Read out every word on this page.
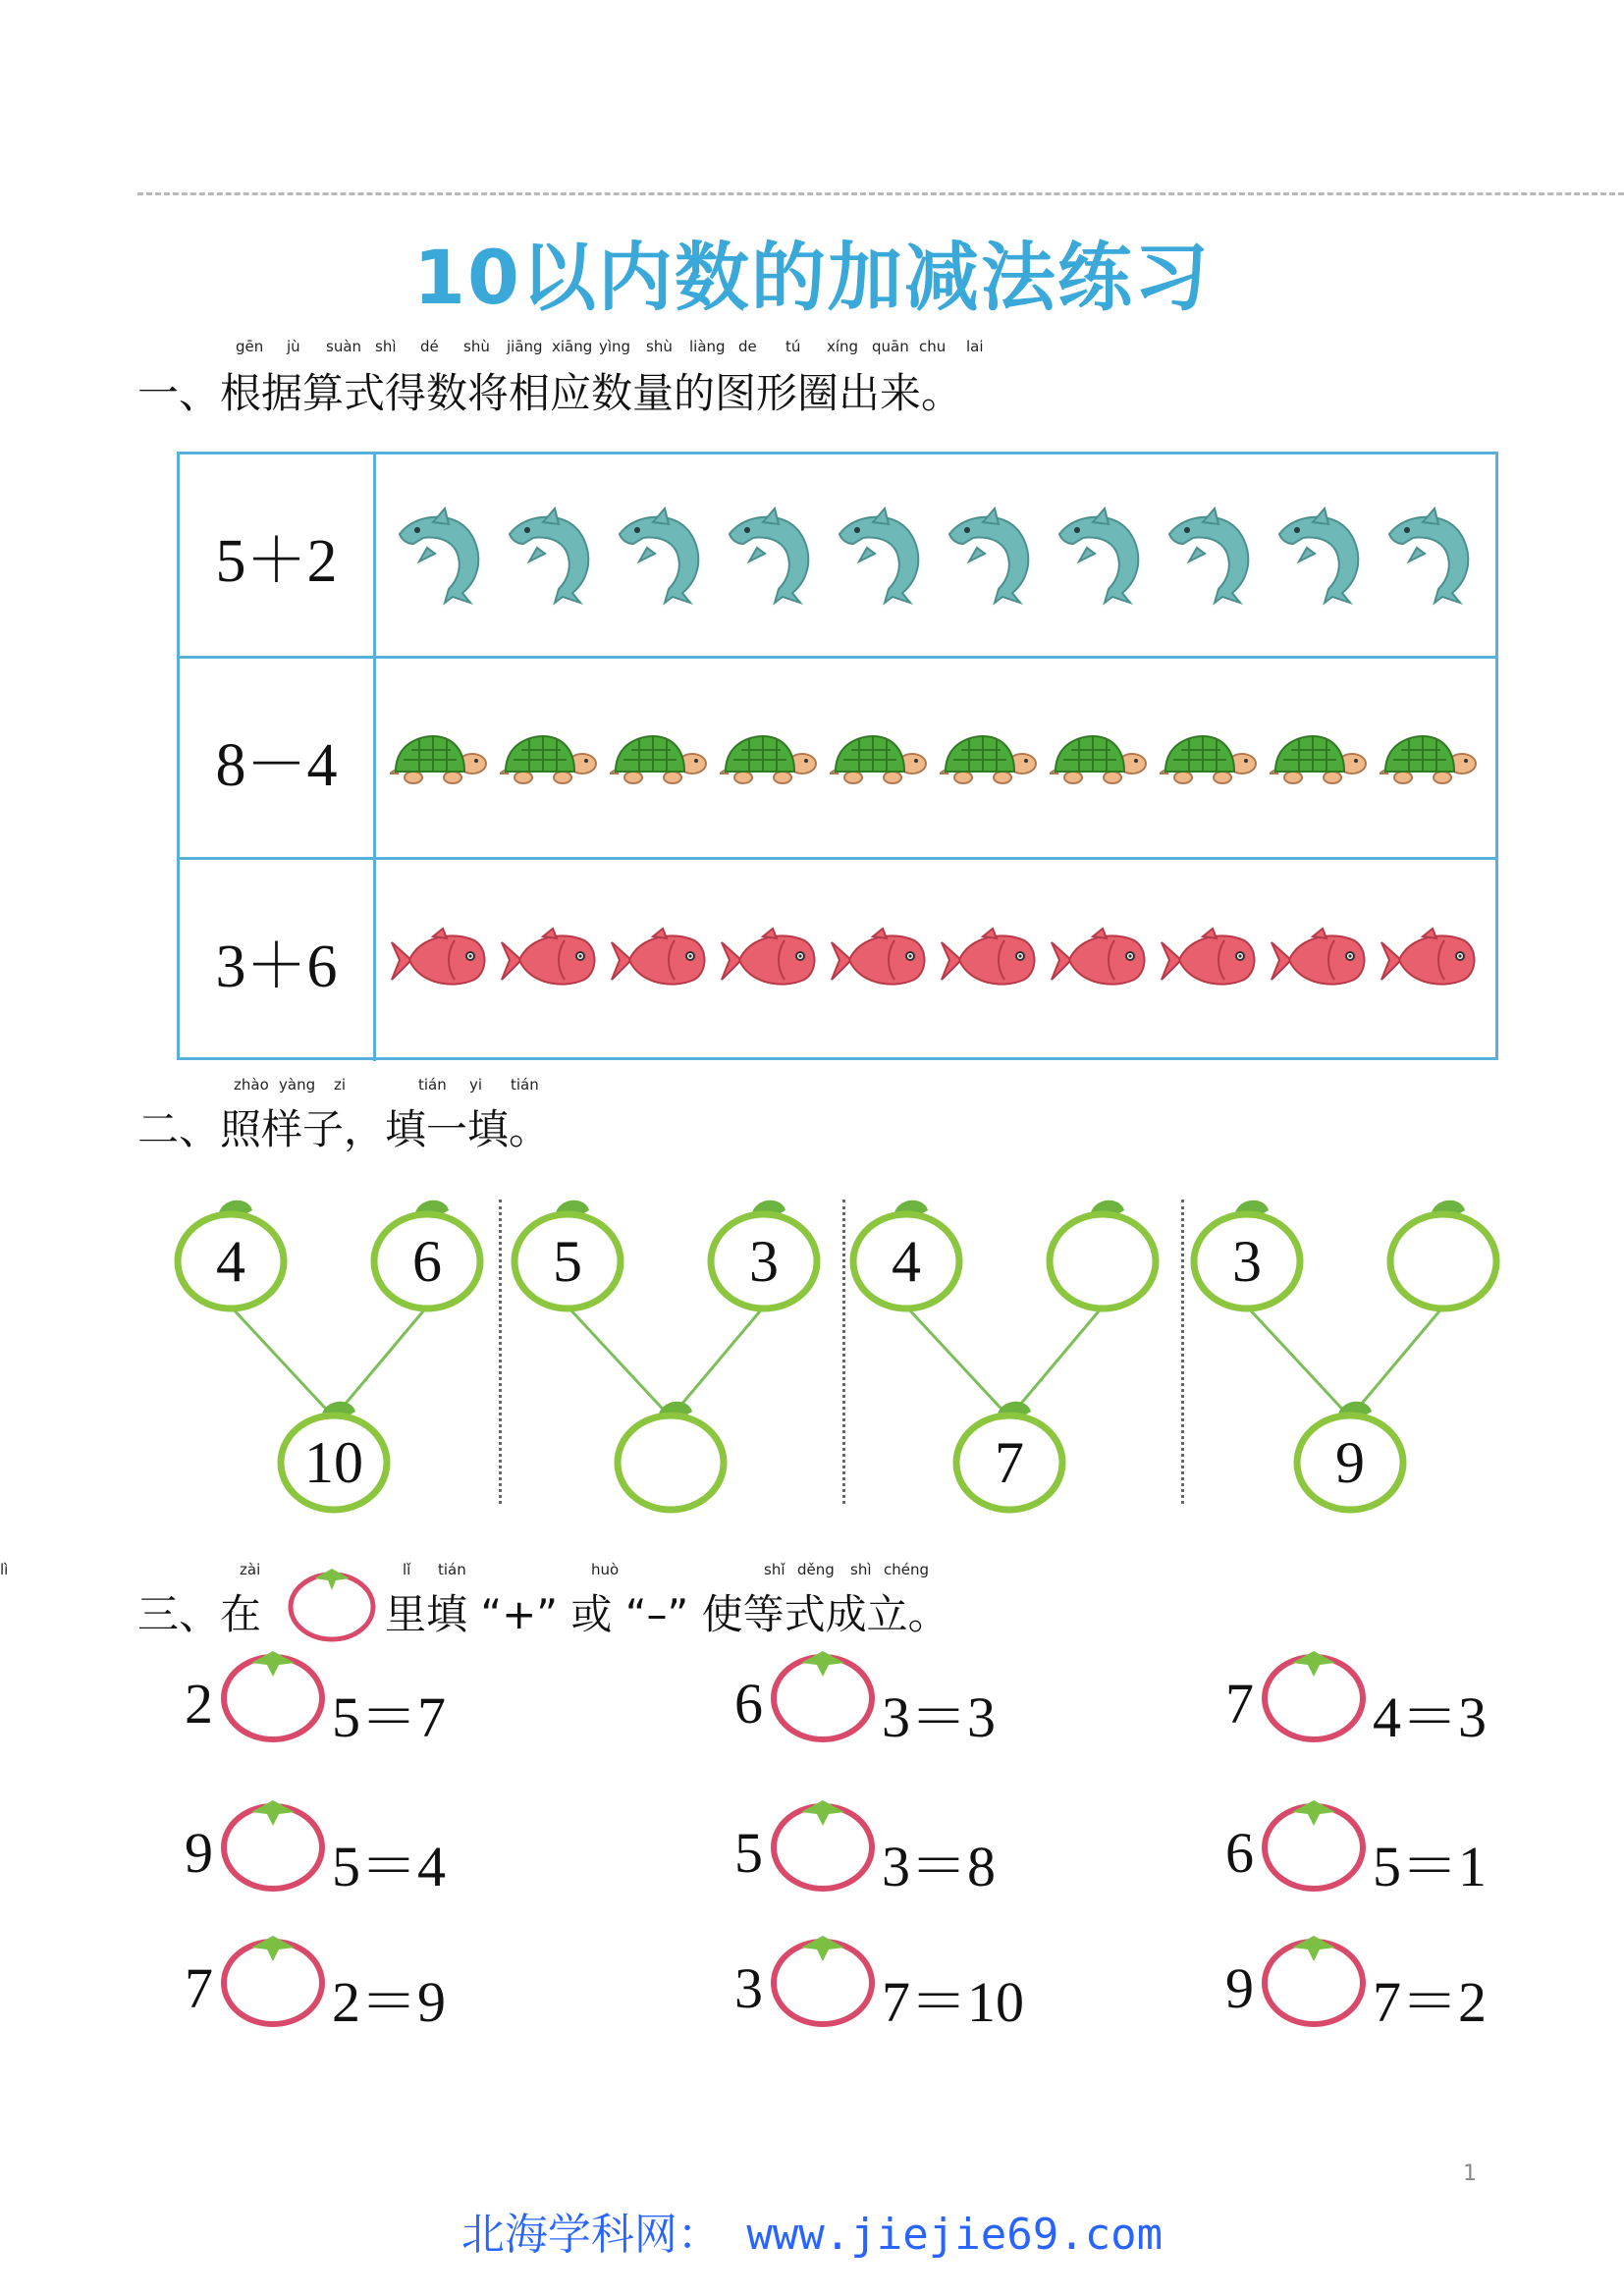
10以内数的加减法练习
gēn jù suàn shì dé shù jiāng xiāng yìng shù liàng de tú xíng quān chu lai
一、根据算式得数将相应数量的图形圈出来。
5＋2
8－4
3＋6
zhào yàng zi	tián yi tián
二、照样子，填一填。
4	6
10
5	3 4
7
3
9
zài	lǐ tián	huò	shǐ děng shì chéng
lì
三、在	里填 “+” 或 “–” 使等式成立。
2 5＝7	6 3＝3	7 4＝3
9 5＝4	5 3＝8	6 5＝1
7 2＝9	3 7＝10	9 7＝2
1
北海学科网： www.jiejie69.com
